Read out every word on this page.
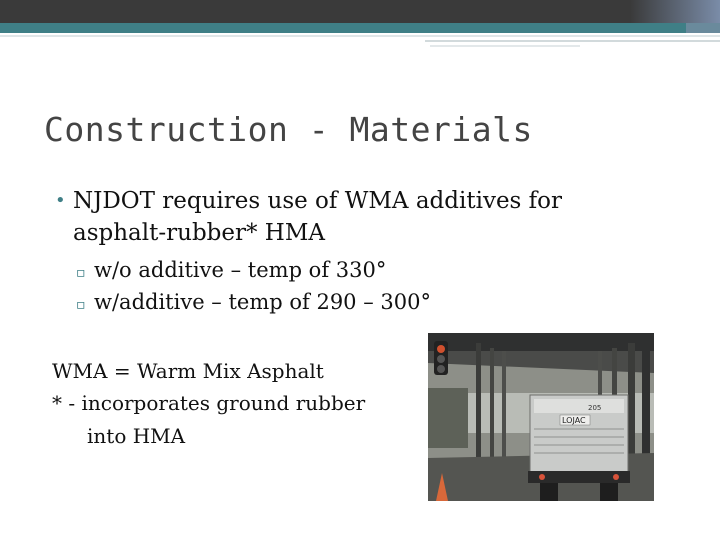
Construction - Materials
• NJDOT requires use of WMA additives for asphalt-rubber* HMA
▫ w/o additive – temp of 330°
▫ w/additive – temp of 290 – 300°
WMA = Warm Mix Asphalt
* - incorporates ground rubber
into HMA
205
LOJAC
